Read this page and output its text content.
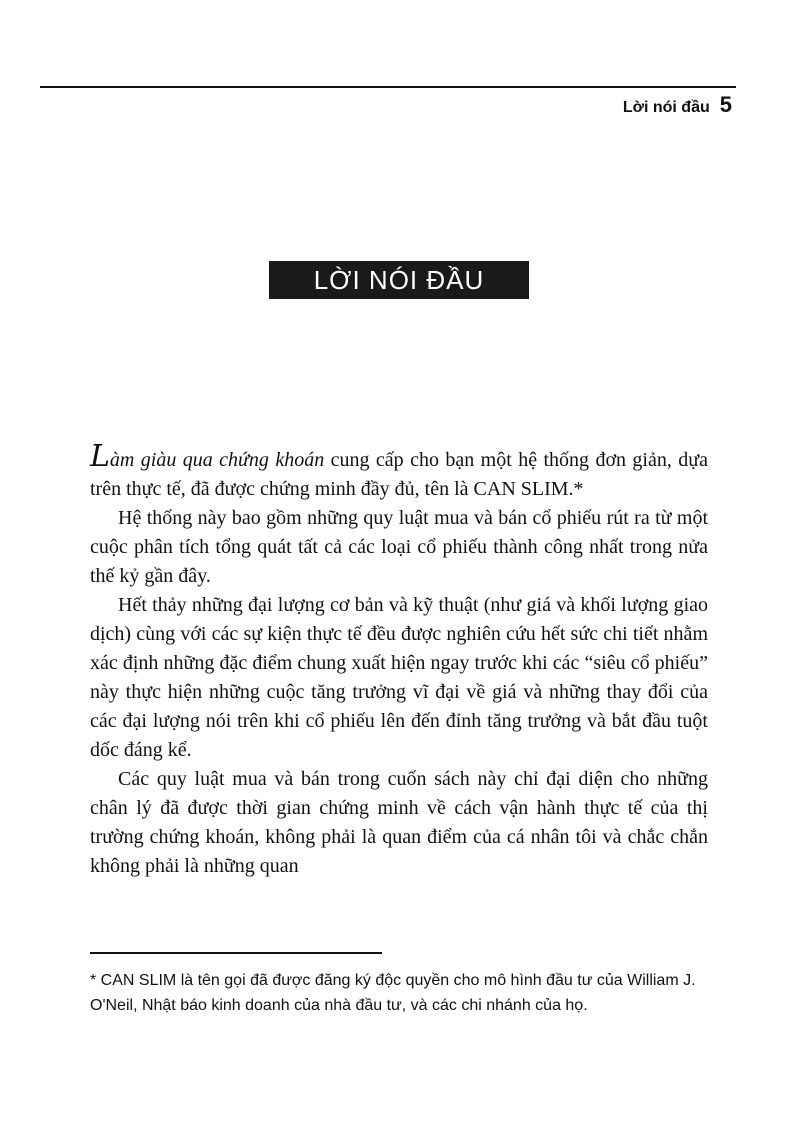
Lời nói đầu 5
LỜI NÓI ĐẦU

Làm giàu qua chứng khoán cung cấp cho bạn một hệ thống đơn giản, dựa trên thực tế, đã được chứng minh đầy đủ, tên là CAN SLIM.*

Hệ thống này bao gồm những quy luật mua và bán cổ phiếu rút ra từ một cuộc phân tích tổng quát tất cả các loại cổ phiếu thành công nhất trong nửa thế kỷ gần đây.

Hết thảy những đại lượng cơ bản và kỹ thuật (như giá và khối lượng giao dịch) cùng với các sự kiện thực tế đều được nghiên cứu hết sức chi tiết nhằm xác định những đặc điểm chung xuất hiện ngay trước khi các “siêu cổ phiếu” này thực hiện những cuộc tăng trưởng vĩ đại về giá và những thay đổi của các đại lượng nói trên khi cổ phiếu lên đến đỉnh tăng trưởng và bắt đầu tuột dốc đáng kể.

Các quy luật mua và bán trong cuốn sách này chỉ đại diện cho những chân lý đã được thời gian chứng minh về cách vận hành thực tế của thị trường chứng khoán, không phải là quan điểm của cá nhân tôi và chắc chắn không phải là những quan

* CAN SLIM là tên gọi đã được đăng ký độc quyền cho mô hình đầu tư của William J. O'Neil, Nhật báo kinh doanh của nhà đầu tư, và các chi nhánh của họ.
